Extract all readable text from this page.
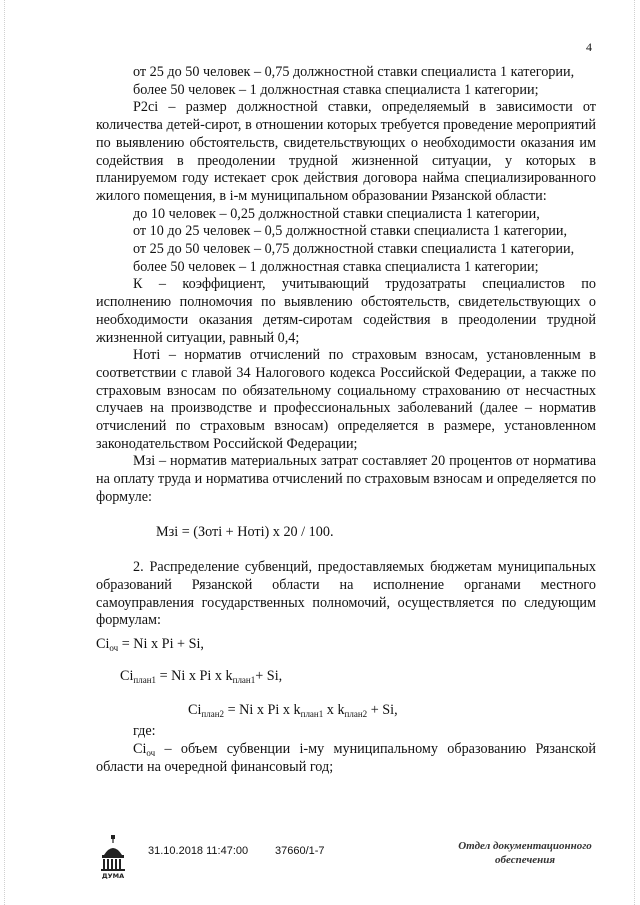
4

от 25 до 50 человек – 0,75 должностной ставки специалиста 1 категории,

более 50 человек – 1 должностная ставка специалиста 1 категории;

Р2сi – размер должностной ставки, определяемый в зависимости от количества детей-сирот, в отношении которых требуется проведение мероприятий по выявлению обстоятельств, свидетельствующих о необходимости оказания им содействия в преодолении трудной жизненной ситуации, у которых в планируемом году истекает срок действия договора найма специализированного жилого помещения, в i-м муниципальном образовании Рязанской области:

до 10 человек – 0,25 должностной ставки специалиста 1 категории,

от 10 до 25 человек – 0,5 должностной ставки специалиста 1 категории,

от 25 до 50 человек – 0,75 должностной ставки специалиста 1 категории,

более 50 человек – 1 должностная ставка специалиста 1 категории;

К – коэффициент, учитывающий трудозатраты специалистов по исполнению полномочия по выявлению обстоятельств, свидетельствующих о необходимости оказания детям-сиротам содействия в преодолении трудной жизненной ситуации, равный 0,4;

Нотi – норматив отчислений по страховым взносам, установленным в соответствии с главой 34 Налогового кодекса Российской Федерации, а также по страховым взносам по обязательному социальному страхованию от несчастных случаев на производстве и профессиональных заболеваний (далее – норматив отчислений по страховым взносам) определяется в размере, установленном законодательством Российской Федерации;

Мзi – норматив материальных затрат составляет 20 процентов от норматива на оплату труда и норматива отчислений по страховым взносам и определяется по формуле:

Мзi = (Зотi + Нотi) х 20 / 100.

2. Распределение субвенций, предоставляемых бюджетам муниципальных образований Рязанской области на исполнение органами местного самоуправления государственных полномочий, осуществляется по следующим формулам:

$Ci_{оч} = Ni$ х Pi + Si,

$Ci_{план1} = Ni$ х Pi х $k_{план1}+ Si$,

$Ci_{план2} = Ni$ х Pi х $k_{план1}$ х $k_{план2} + Si$,

где:

$Ci_{оч}$ – объем субвенции i-му муниципальному образованию Рязанской области на очередной финансовый год;

ДУМА
31.10.2018 11:47:00 37660/1-7	Отдел документационного
обеспечения
